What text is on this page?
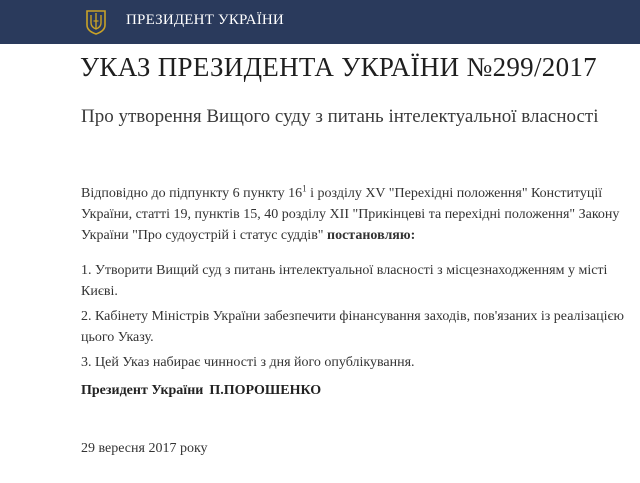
ПРЕЗИДЕНТ УКРАЇНИ
УКАЗ ПРЕЗИДЕНТА УКРАЇНИ №299/2017
Про утворення Вищого суду з питань інтелектуальної власності
Відповідно до підпункту 6 пункту $16^1$ і розділу XV "Перехідні положення" Конституції України, статті 19, пунктів 15, 40 розділу XII "Прикінцеві та перехідні положення" Закону України "Про судоустрій і статус суддів" постановляю:
1. Утворити Вищий суд з питань інтелектуальної власності з місцезнаходженням у місті Києві.
2. Кабінету Міністрів України забезпечити фінансування заходів, пов'язаних із реалізацією цього Указу.
3. Цей Указ набирає чинності з дня його опублікування.
Президент України П.ПОРОШЕНКО
29 вересня 2017 року
